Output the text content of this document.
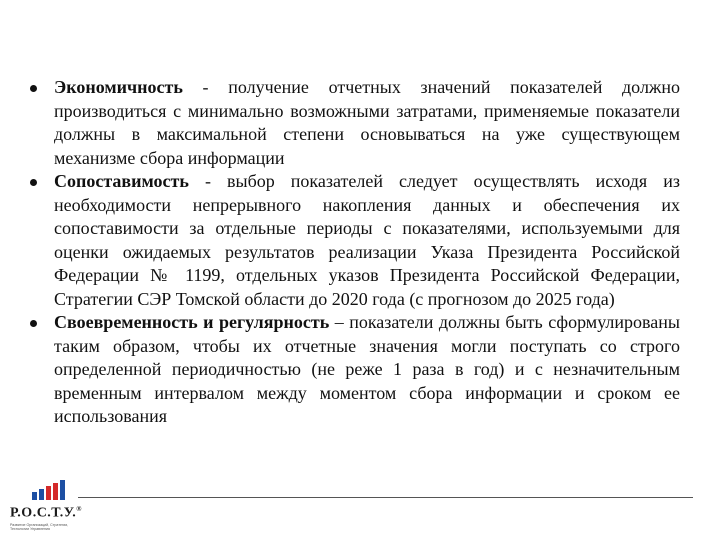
Экономичность - получение отчетных значений показателей должно производиться с минимально возможными затратами, применяемые показатели должны в максимальной степени основываться на уже существующем механизме сбора информации
Сопоставимость - выбор показателей следует осуществлять исходя из необходимости непрерывного накопления данных и обеспечения их сопоставимости за отдельные периоды с показателями, используемыми для оценки ожидаемых результатов реализации Указа Президента Российской Федерации № 1199, отдельных указов Президента Российской Федерации, Стратегии СЭР Томской области до 2020 года (с прогнозом до 2025 года)
Своевременность и регулярность – показатели должны быть сформулированы таким образом, чтобы их отчетные значения могли поступать со строго определенной периодичностью (не реже 1 раза в год) и с незначительным временным интервалом между моментом сбора информации и сроком ее использования
Р.О.С.Т.У.®
Развитие Организаций, Стратегии, Технологии Управления
